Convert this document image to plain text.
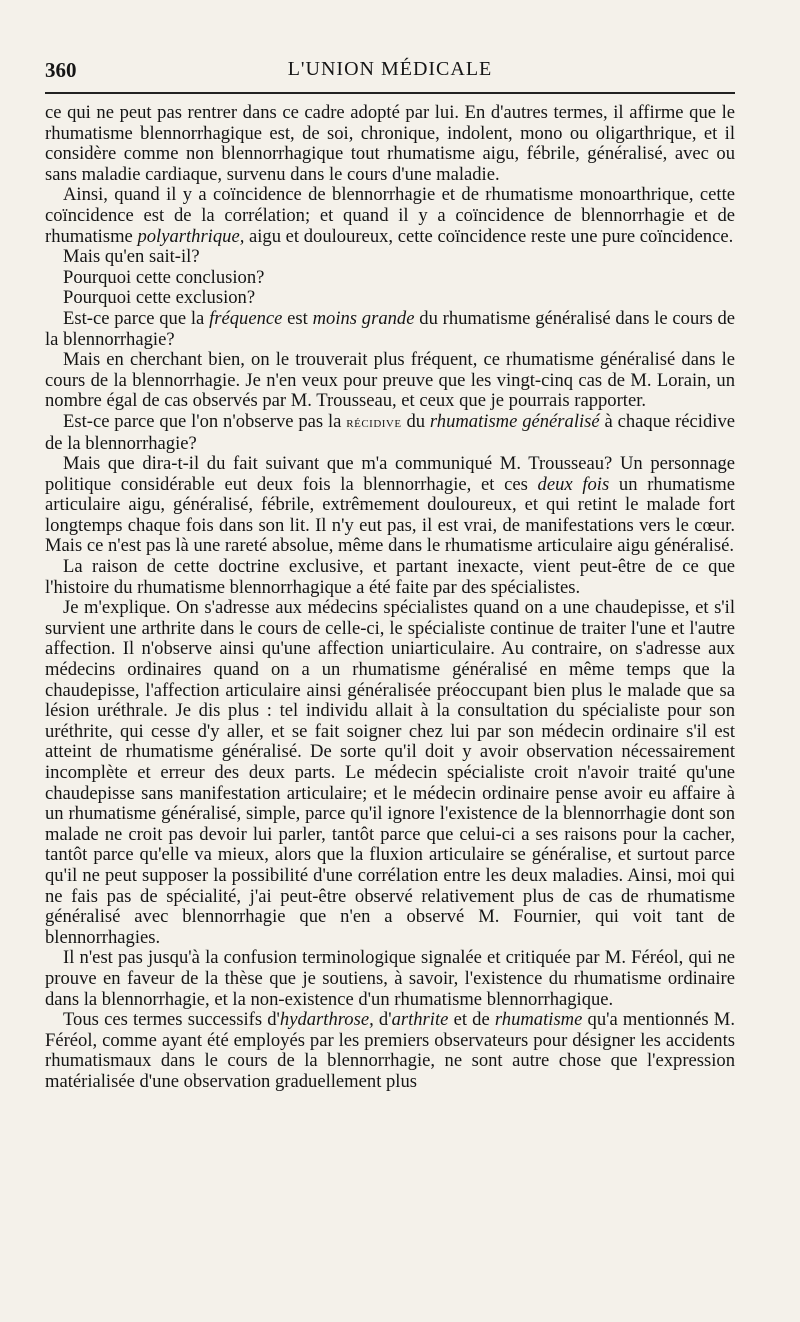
360	L'UNION MÉDICALE

ce qui ne peut pas rentrer dans ce cadre adopté par lui. En d'autres termes, il affirme que le rhumatisme blennorrhagique est, de soi, chronique, indolent, mono ou oligarthrique, et il considère comme non blennorrhagique tout rhumatisme aigu, fébrile, généralisé, avec ou sans maladie cardiaque, survenu dans le cours d'une maladie.

Ainsi, quand il y a coïncidence de blennorrhagie et de rhumatisme monoarthrique, cette coïncidence est de la corrélation; et quand il y a coïncidence de blennorrhagie et de rhumatisme polyarthrique, aigu et douloureux, cette coïncidence reste une pure coïncidence.

Mais qu'en sait-il?

Pourquoi cette conclusion?

Pourquoi cette exclusion?

Est-ce parce que la fréquence est moins grande du rhumatisme généralisé dans le cours de la blennorrhagie?

Mais en cherchant bien, on le trouverait plus fréquent, ce rhumatisme généralisé dans le cours de la blennorrhagie. Je n'en veux pour preuve que les vingt-cinq cas de M. Lorain, un nombre égal de cas observés par M. Trousseau, et ceux que je pourrais rapporter.

Est-ce parce que l'on n'observe pas la récidive du rhumatisme généralisé à chaque récidive de la blennorrhagie?

Mais que dira-t-il du fait suivant que m'a communiqué M. Trousseau? Un personnage politique considérable eut deux fois la blennorrhagie, et ces deux fois un rhumatisme articulaire aigu, généralisé, fébrile, extrêmement douloureux, et qui retint le malade fort longtemps chaque fois dans son lit. Il n'y eut pas, il est vrai, de manifestations vers le cœur. Mais ce n'est pas là une rareté absolue, même dans le rhumatisme articulaire aigu généralisé.

La raison de cette doctrine exclusive, et partant inexacte, vient peut-être de ce que l'histoire du rhumatisme blennorrhagique a été faite par des spécialistes.

Je m'explique. On s'adresse aux médecins spécialistes quand on a une chaudepisse, et s'il survient une arthrite dans le cours de celle-ci, le spécialiste continue de traiter l'une et l'autre affection. Il n'observe ainsi qu'une affection uniarticulaire. Au contraire, on s'adresse aux médecins ordinaires quand on a un rhumatisme généralisé en même temps que la chaudepisse, l'affection articulaire ainsi généralisée préoccupant bien plus le malade que sa lésion uréthrale. Je dis plus : tel individu allait à la consultation du spécialiste pour son uréthrite, qui cesse d'y aller, et se fait soigner chez lui par son médecin ordinaire s'il est atteint de rhumatisme généralisé. De sorte qu'il doit y avoir observation nécessairement incomplète et erreur des deux parts. Le médecin spécialiste croit n'avoir traité qu'une chaudepisse sans manifestation articulaire; et le médecin ordinaire pense avoir eu affaire à un rhumatisme généralisé, simple, parce qu'il ignore l'existence de la blennorrhagie dont son malade ne croit pas devoir lui parler, tantôt parce que celui-ci a ses raisons pour la cacher, tantôt parce qu'elle va mieux, alors que la fluxion articulaire se généralise, et surtout parce qu'il ne peut supposer la possibilité d'une corrélation entre les deux maladies. Ainsi, moi qui ne fais pas de spécialité, j'ai peut-être observé relativement plus de cas de rhumatisme généralisé avec blennorrhagie que n'en a observé M. Fournier, qui voit tant de blennorrhagies.

Il n'est pas jusqu'à la confusion terminologique signalée et critiquée par M. Féréol, qui ne prouve en faveur de la thèse que je soutiens, à savoir, l'existence du rhumatisme ordinaire dans la blennorrhagie, et la non-existence d'un rhumatisme blennorrhagique.

Tous ces termes successifs d'hydarthrose, d'arthrite et de rhumatisme qu'a mentionnés M. Féréol, comme ayant été employés par les premiers observateurs pour désigner les accidents rhumatismaux dans le cours de la blennorrhagie, ne sont autre chose que l'expression matérialisée d'une observation graduellement plus
